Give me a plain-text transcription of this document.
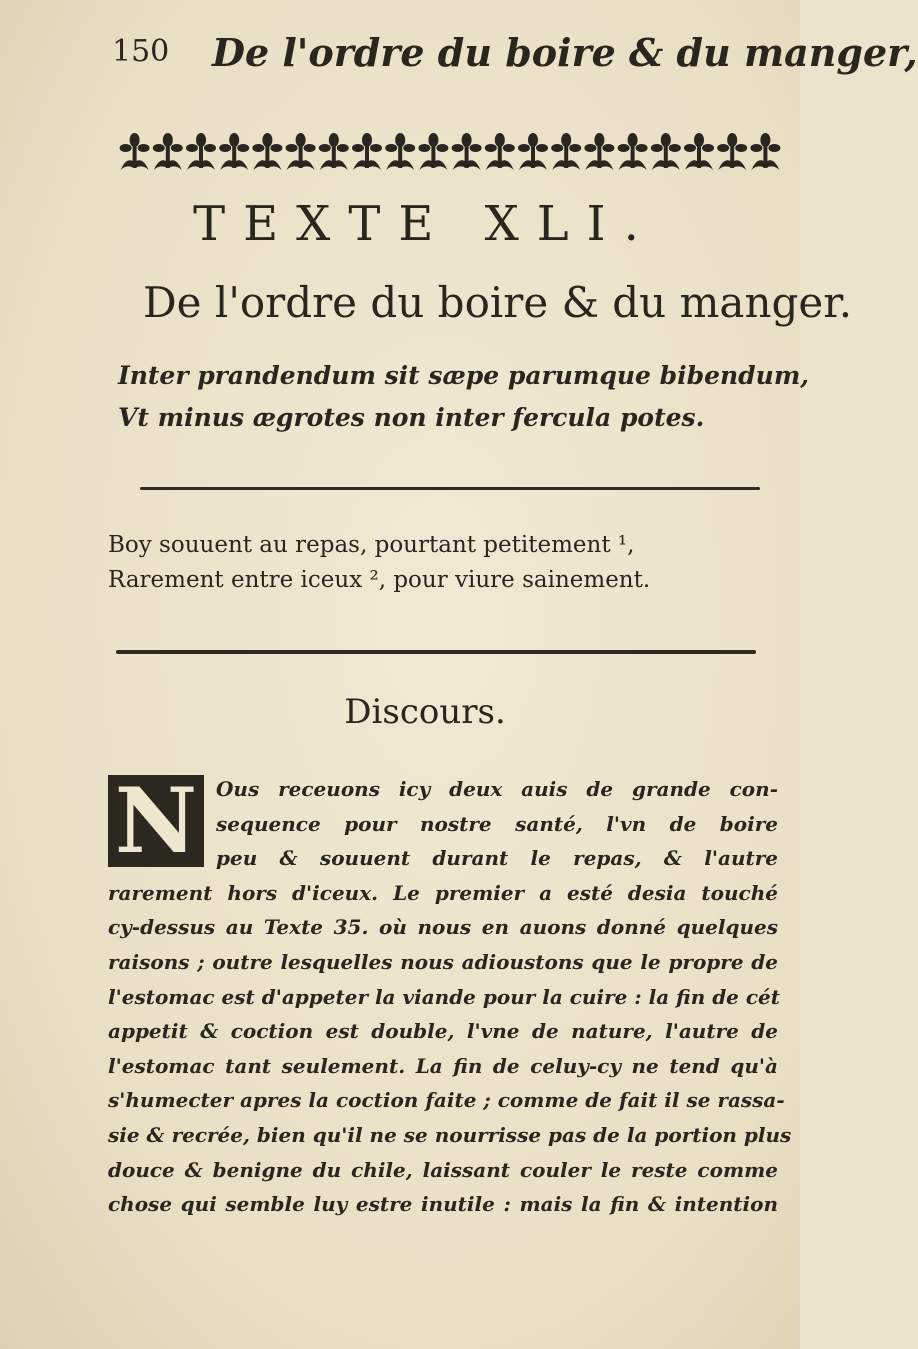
150 De l'ordre du boire & du manger,
TEXTE XLI.
De l'ordre du boire & du manger.
Inter prandendum sit sæpe parumque bibendum,
Vt minus ægrotes non inter fercula potes.
Boy souuent au repas, pourtant petitement ¹,
Rarement entre iceux ², pour viure sainement.
Discours.
N Ous receuons icy deux auis de grande con-
sequence pour nostre santé, l'vn de boire
peu & souuent durant le repas, & l'autre
rarement hors d'iceux. Le premier a esté desia touché
cy-dessus au Texte 35. où nous en auons donné quelques
raisons ; outre lesquelles nous adioustons que le propre de
l'estomac est d'appeter la viande pour la cuire : la fin de cét
appetit & coction est double, l'vne de nature, l'autre de
l'estomac tant seulement. La fin de celuy-cy ne tend qu'à
s'humecter apres la coction faite ; comme de fait il se rassa-
sie & recrée, bien qu'il ne se nourrisse pas de la portion plus
douce & benigne du chile, laissant couler le reste comme
chose qui semble luy estre inutile : mais la fin & intention
